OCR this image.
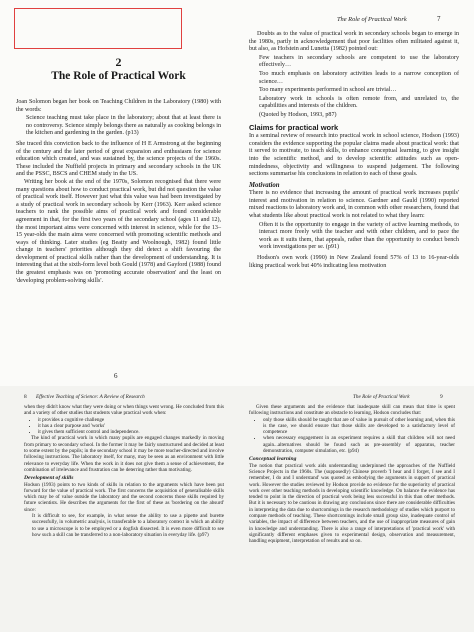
2
The Role of Practical Work

Joan Solomon began her book on Teaching Children in the Laboratory (1980) with the words:

Science teaching must take place in the laboratory; about that at least there is no controversy. Science simply belongs there as naturally as cooking belongs in the kitchen and gardening in the garden. (p13)

She traced this conviction back to the influence of H E Armstrong at the beginning of the century and the later period of great expansion and enthusiasm for science education which created, and was sustained by, the science projects of the 1960s. These included the Nuffield projects in primary and secondary schools in the UK and the PSSC, BSCS and CHEM study in the US.

Writing her book at the end of the 1970s, Solomon recognised that there were many questions about how to conduct practical work, but did not question the value of practical work itself. However just what this value was had been investigated by a study of practical work in secondary schools by Kerr (1963). Kerr asked science teachers to rank the possible aims of practical work and found considerable agreement in that, for the first two years of the secondary school (ages 11 and 12), the most important aims were concerned with interest in science, while for the 13–15 year-olds the main aims were concerned with promoting scientific methods and ways of thinking. Later studies (eg Beatty and Woolnough, 1982) found little change in teachers' priorities although they did detect a shift favouring the development of practical skills rather than the development of understanding. It is interesting that at the sixth-form level both Gould (1978) and Gayford (1988) found the greatest emphasis was on 'promoting accurate observation' and the least on 'developing problem-solving skills'.

6
The Role of Practical Work	7

Doubts as to the value of practical work in secondary schools began to emerge in the 1980s, partly in acknowledgement that poor facilities often militated against it, but also, as Hofstein and Lunetta (1982) pointed out:

Few teachers in secondary schools are competent to use the laboratory effectively…

Too much emphasis on laboratory activities leads to a narrow conception of science…

Too many experiments performed in school are trivial…

Laboratory work in schools is often remote from, and unrelated to, the capabilities and interests of the children.

(Quoted by Hodson, 1993, p87)

Claims for practical work

In a seminal review of research into practical work in school science, Hodson (1993) considers the evidence supporting the popular claims made about practical work: that it served to motivate, to teach skills, to enhance conceptual learning, to give insight into the scientific method, and to develop scientific attitudes such as open-mindedness, objectivity and willingness to suspend judgement. The following sections summarise his conclusions in relation to each of these goals.

Motivation

There is no evidence that increasing the amount of practical work increases pupils' interest and motivation in relation to science. Gardner and Gauld (1990) reported mixed reactions to laboratory work and, in common with other researchers, found that what students like about practical work is not related to what they learn:

Often it is the opportunity to engage in the variety of active learning methods, to interact more freely with the teacher and with other children, and to pace the work as it suits them, that appeals, rather than the opportunity to conduct bench work investigations per se. (p91)

Hodson's own work (1990) in New Zealand found 57% of 13 to 16-year-olds liking practical work but 40% indicating less motivation

when they didn't know what they were doing or when things went wrong. He concluded from this and a variety of other studies that students value practical work when:

• it provides a cognitive challenge
• it has a clear purpose and 'works'
• it gives them sufficient control and independence.

The kind of practical work in which many pupils are engaged changes markedly in moving from primary to secondary school. In the former it may be fairly unstructured and decided at least to some extent by the pupils; in the secondary school it may be more teacher-directed and involve following instructions. The laboratory itself, for many, may be seen as an environment with little relevance to everyday life. When the work in it does not give them a sense of achievement, the combination of irrelevance and frustration can be deterring rather than motivating.

Development of skills

Hodson (1993) points to two kinds of skills in relation to the arguments which have been put forward for the value of practical work. The first concerns the acquisition of generalisable skills which may be of value outside the laboratory and the second concerns those skills required by future scientists. He describes the arguments for the first of these as 'bordering on the absurd' since:

It is difficult to see, for example, in what sense the ability to use a pipette and burette successfully, in volumetric analysis, is transferable to a laboratory context in which an ability to use a microscope is to be employed or a dogfish dissected. It is even more difficult to see how such a skill can be transferred to a non-laboratory situation in everyday life. (p97)

8 Effective Teaching of Science: A Review of Research

Given these arguments and the evidence that inadequate skill can mean that time is spent following instructions and constitute an obstacle to learning, Hodson concludes that:

• only those skills should be taught that are of value in pursuit of other learning and, when this is the case, we should ensure that those skills are developed to a satisfactory level of competence
• when necessary engagement in an experiment requires a skill that children will not need again...alternatives should be found such as pre-assembly of apparatus, teacher demonstration, computer simulation, etc. (p94)

Conceptual learning

The notion that practical work aids understanding underpinned the approaches of the Nuffield Science Projects in the 1960s. The (supposedly) Chinese proverb 'I hear and I forget, I see and I remember, I do and I understand' was quoted as embodying the arguments in support of practical work. However the studies reviewed by Hodson provide no evidence for the superiority of practical work over other teaching methods in developing scientific knowledge. On balance the evidence has tended to point in the direction of practical work being less successful in this than other methods. But it is necessary to be cautious in drawing any conclusions since there are considerable difficulties in interpreting the data due to shortcomings in the research methodology of studies which purport to compare methods of teaching. These shortcomings include small group size, inadequate control of variables, the impact of difference between teachers, and the use of inappropriate measures of gain in knowledge and understanding. There is also a range of interpretations of 'practical work' with significantly different emphases given to experimental design, observation and measurement, handling equipment, interpretation of results and so on.

The Role of Practical Work	9
